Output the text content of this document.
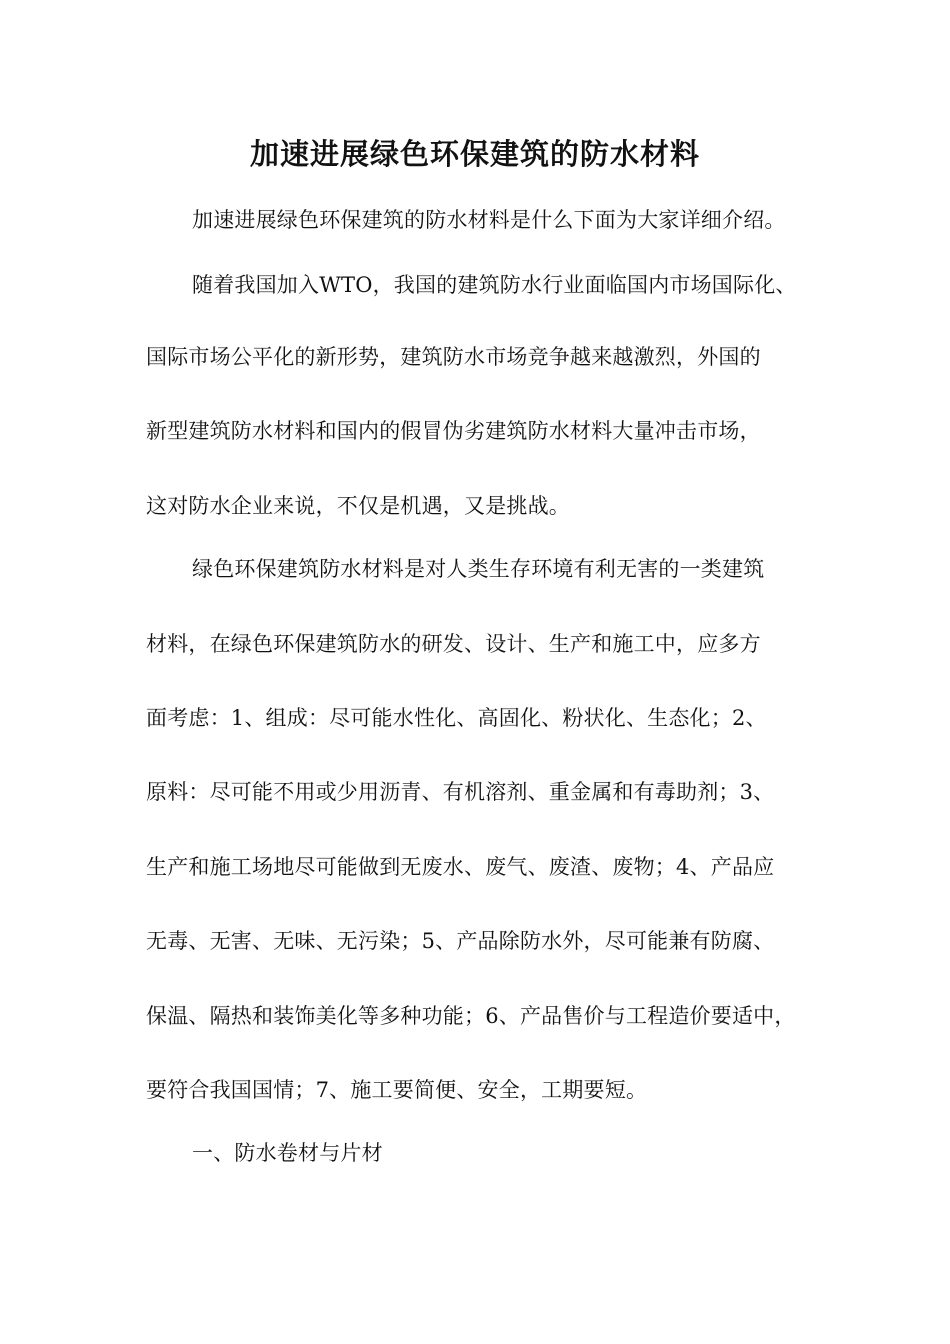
加速进展绿色环保建筑的防水材料
加速进展绿色环保建筑的防水材料是什么下面为大家详细介绍。
随着我国加入WTO，我国的建筑防水行业面临国内市场国际化、
国际市场公平化的新形势，建筑防水市场竞争越来越激烈，外国的
新型建筑防水材料和国内的假冒伪劣建筑防水材料大量冲击市场，
这对防水企业来说，不仅是机遇，又是挑战。
绿色环保建筑防水材料是对人类生存环境有利无害的一类建筑
材料，在绿色环保建筑防水的研发、设计、生产和施工中，应多方
面考虑：1、组成：尽可能水性化、高固化、粉状化、生态化；2、
原料：尽可能不用或少用沥青、有机溶剂、重金属和有毒助剂；3、
生产和施工场地尽可能做到无废水、废气、废渣、废物；4、产品应
无毒、无害、无味、无污染；5、产品除防水外，尽可能兼有防腐、
保温、隔热和装饰美化等多种功能；6、产品售价与工程造价要适中，
要符合我国国情；7、施工要简便、安全，工期要短。
一、防水卷材与片材
